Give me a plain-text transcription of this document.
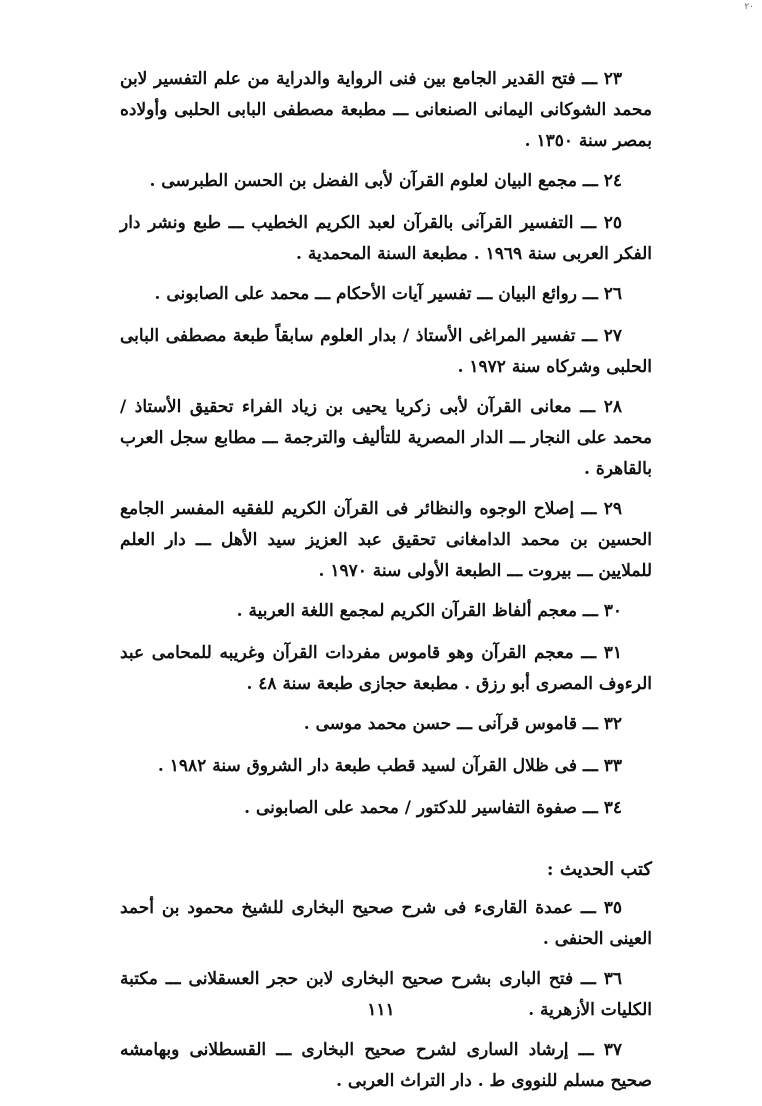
٢٠

٢٣ ـــ فتح القدير الجامع بين فنى الرواية والدراية من علم التفسير لابن محمد الشوكانى اليمانى الصنعانى ـــ مطبعة مصطفى البابى الحلبى وأولاده بمصر سنة ١٣٥٠ .

٢٤ ـــ مجمع البيان لعلوم القرآن لأبى الفضل بن الحسن الطبرسى .

٢٥ ـــ التفسير القرآنى بالقرآن لعبد الكريم الخطيب ـــ طبع ونشر دار الفكر العربى سنة ١٩٦٩ . مطبعة السنة المحمدية .

٢٦ ـــ روائع البيان ـــ تفسير آيات الأحكام ـــ محمد على الصابونى .

٢٧ ـــ تفسير المراغى الأستاذ / بدار العلوم سابقاً طبعة مصطفى البابى الحلبى وشركاه سنة ١٩٧٢ .

٢٨ ـــ معانى القرآن لأبى زكريا يحيى بن زياد الفراء تحقيق الأستاذ / محمد على النجار ـــ الدار المصرية للتأليف والترجمة ـــ مطابع سجل العرب بالقاهرة .

٢٩ ـــ إصلاح الوجوه والنظائر فى القرآن الكريم للفقيه المفسر الجامع الحسين بن محمد الدامغانى تحقيق عبد العزيز سيد الأهل ـــ دار العلم للملايين ـــ بيروت ـــ الطبعة الأولى سنة ١٩٧٠ .

٣٠ ـــ معجم ألفاظ القرآن الكريم لمجمع اللغة العربية .

٣١ ـــ معجم القرآن وهو قاموس مفردات القرآن وغريبه للمحامى عبد الرءوف المصرى أبو رزق . مطبعة حجازى طبعة سنة ٤٨ .

٣٢ ـــ قاموس قرآنى ـــ حسن محمد موسى .

٣٣ ـــ فى ظلال القرآن لسيد قطب طبعة دار الشروق سنة ١٩٨٢ .

٣٤ ـــ صفوة التفاسير للدكتور / محمد على الصابونى .

كتب الحديث :

٣٥ ـــ عمدة القارىء فى شرح صحيح البخارى للشيخ محمود بن أحمد العينى الحنفى .

٣٦ ـــ فتح البارى بشرح صحيح البخارى لابن حجر العسقلانى ـــ مكتبة الكليات الأزهرية .

٣٧ ـــ إرشاد السارى لشرح صحيح البخارى ـــ القسطلانى وبهامشه صحيح مسلم للنووى ط . دار التراث العربى .

١١١
